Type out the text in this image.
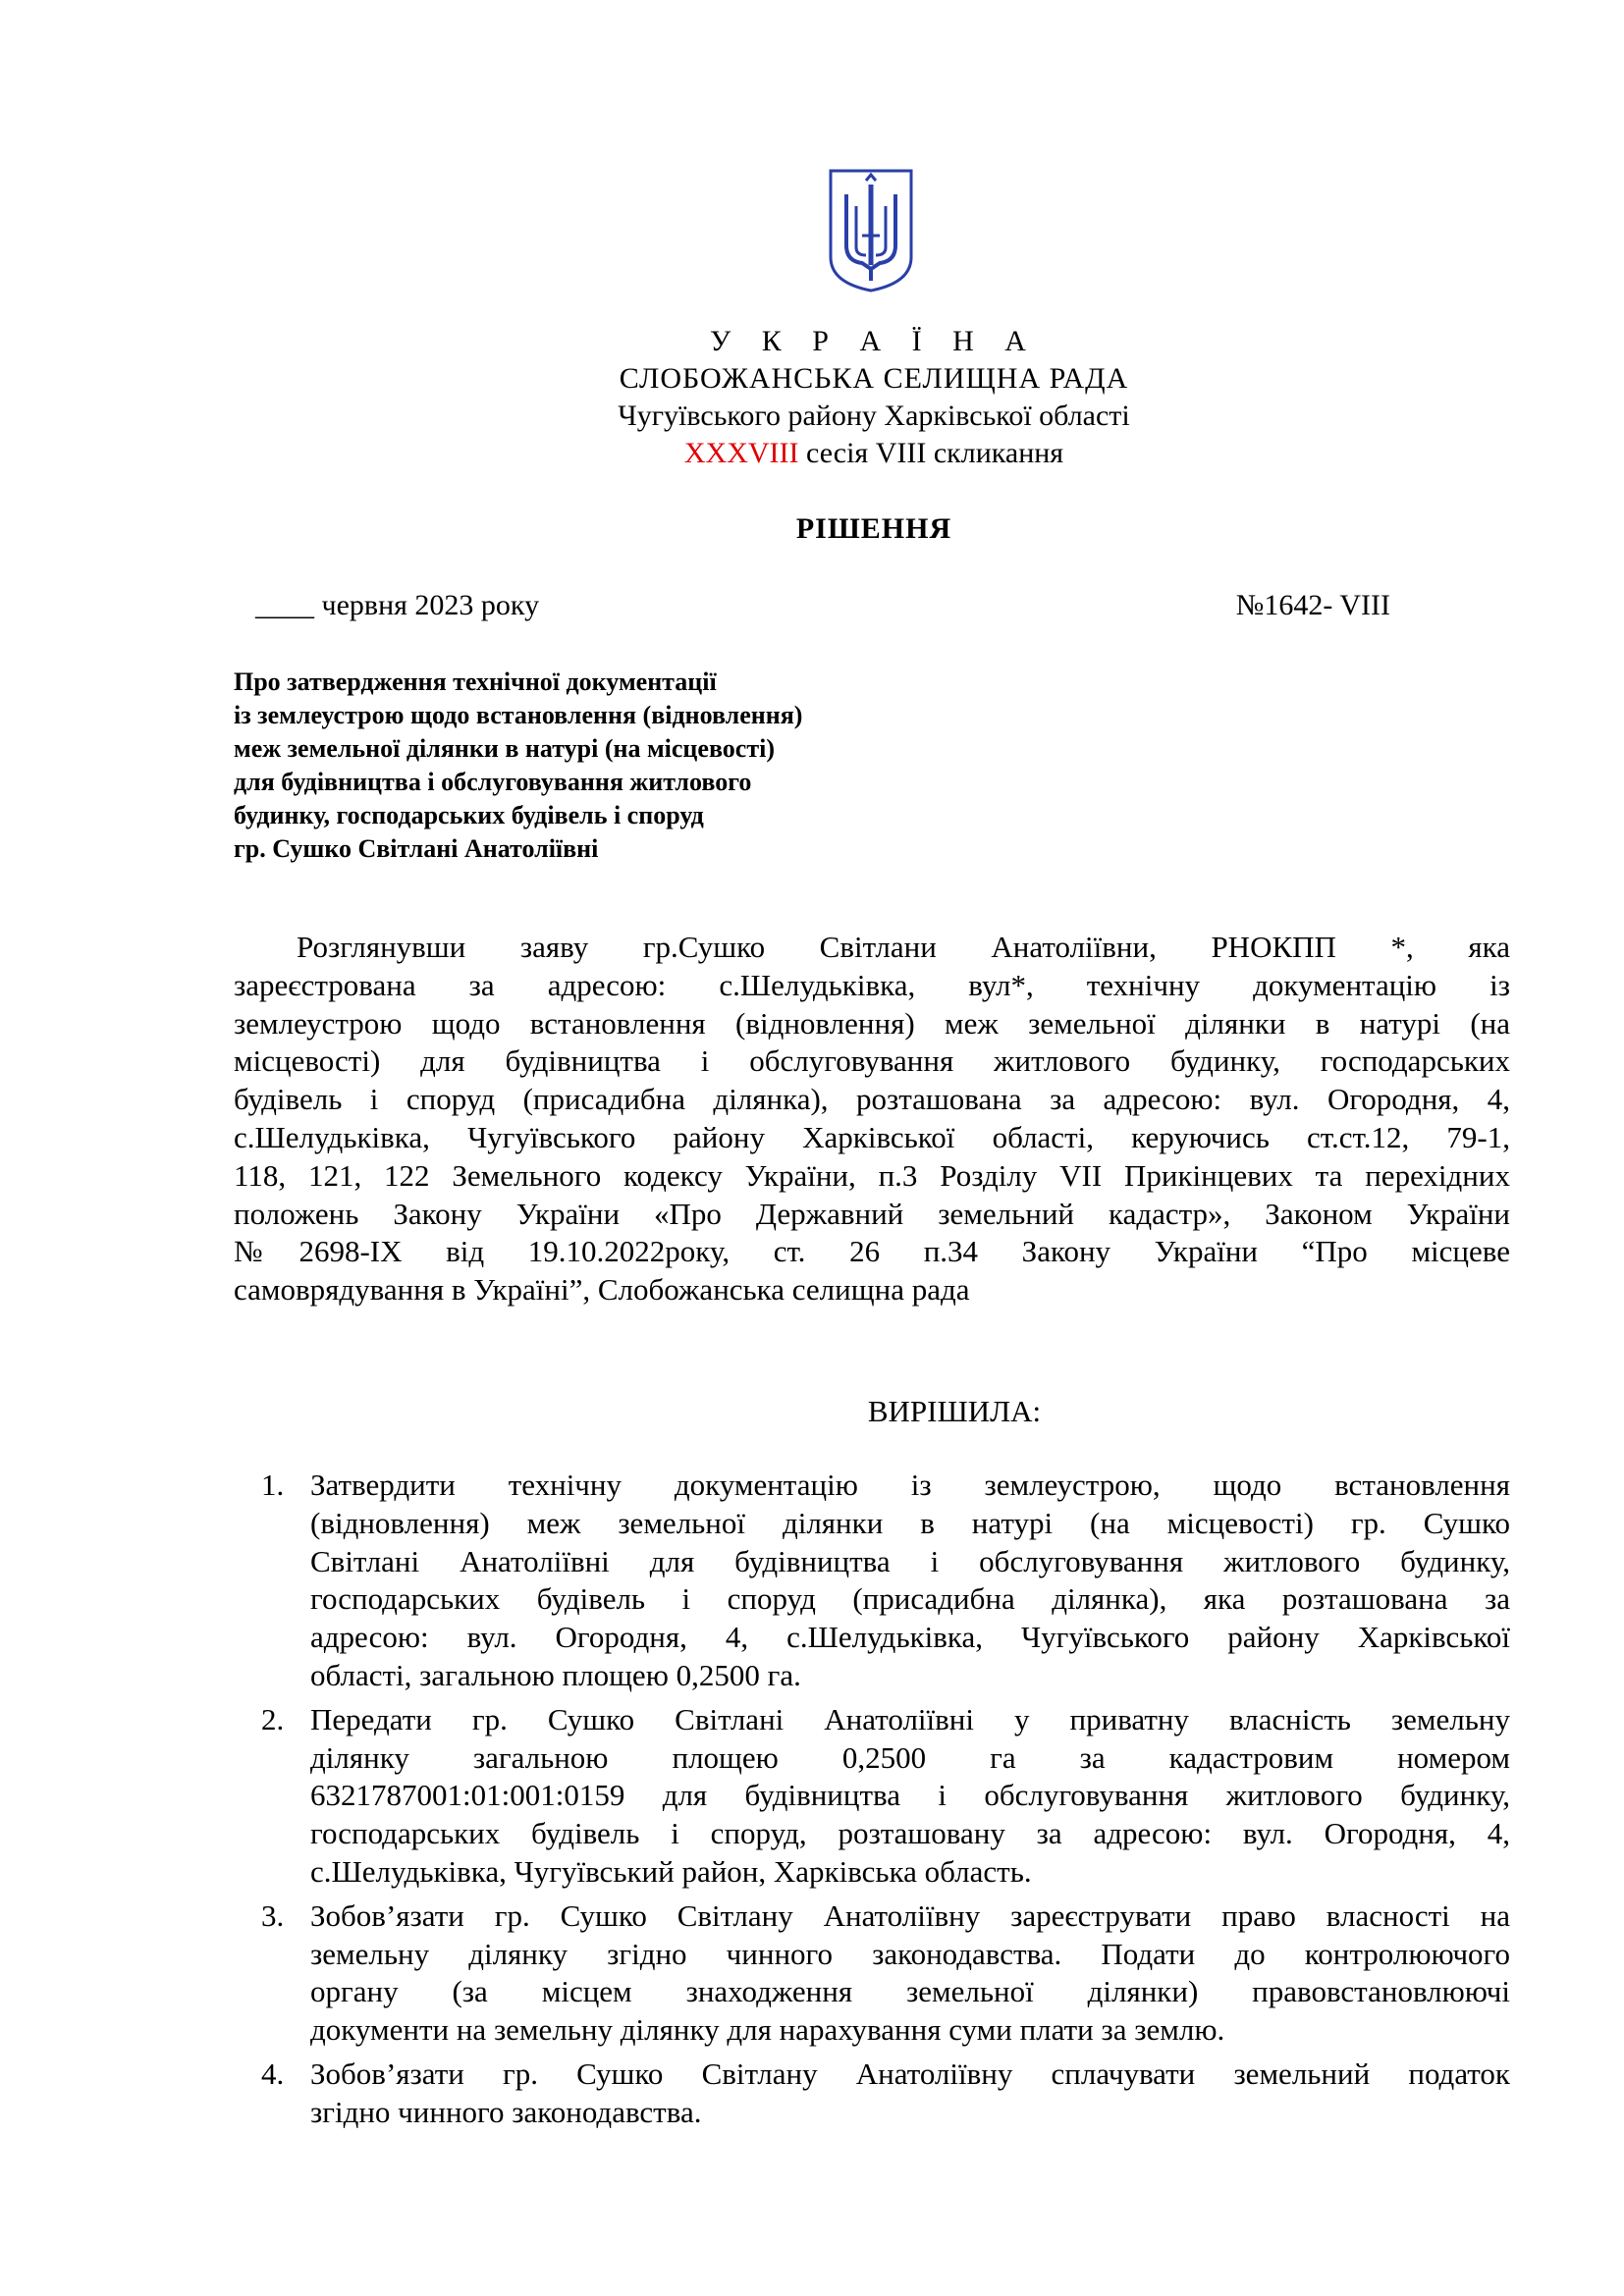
У К Р А Ї Н А
СЛОБОЖАНСЬКА СЕЛИЩНА РАДА
Чугуївського району Харківської області
XXXVIII сесія VIII скликання
РІШЕННЯ
____ червня 2023 року	№1642- VIII
Про затвердження технічної документації
із землеустрою щодо встановлення (відновлення)
меж земельної ділянки в натурі (на місцевості)
для будівництва і обслуговування житлового
будинку, господарських будівель і споруд
гр. Сушко Світлані Анатоліївні
Розглянувши заяву гр.Сушко Світлани Анатоліївни, РНОКПП *, яка
зареєстрована за адресою: с.Шелудьківка, вул*, технічну документацію із
землеустрою щодо встановлення (відновлення) меж земельної ділянки в натурі (на
місцевості) для будівництва і обслуговування житлового будинку, господарських
будівель і споруд (присадибна ділянка), розташована за адресою: вул. Огородня, 4,
с.Шелудьківка, Чугуївського району Харківської області, керуючись ст.ст.12, 79-1,
118, 121, 122 Земельного кодексу України, п.3 Розділу VII Прикінцевих та перехідних
положень Закону України «Про Державний земельний кадастр», Законом України
№2698-IX від 19.10.2022року, ст. 26 п.34 Закону України “Про місцеве
самоврядування в Україні”, Слобожанська селищна рада
ВИРІШИЛА:
1. Затвердити технічну документацію із землеустрою, щодо встановлення
(відновлення) меж земельної ділянки в натурі (на місцевості) гр. Сушко
Світлані Анатоліївні для будівництва і обслуговування житлового будинку,
господарських будівель і споруд (присадибна ділянка), яка розташована за
адресою: вул. Огородня, 4, с.Шелудьківка, Чугуївського району Харківської
області, загальною площею 0,2500 га.
2. Передати гр. Сушко Світлані Анатоліївні у приватну власність земельну
ділянку загальною площею 0,2500 га за кадастровим номером
6321787001:01:001:0159 для будівництва і обслуговування житлового будинку,
господарських будівель і споруд, розташовану за адресою: вул. Огородня, 4,
с.Шелудьківка, Чугуївський район, Харківська область.
3. Зобов’язати гр. Сушко Світлану Анатоліївну зареєструвати право власності на
земельну ділянку згідно чинного законодавства. Подати до контролюючого
органу (за місцем знаходження земельної ділянки) правовстановлюючі
документи на земельну ділянку для нарахування суми плати за землю.
4. Зобов’язати гр. Сушко Світлану Анатоліївну сплачувати земельний податок
згідно чинного законодавства.
